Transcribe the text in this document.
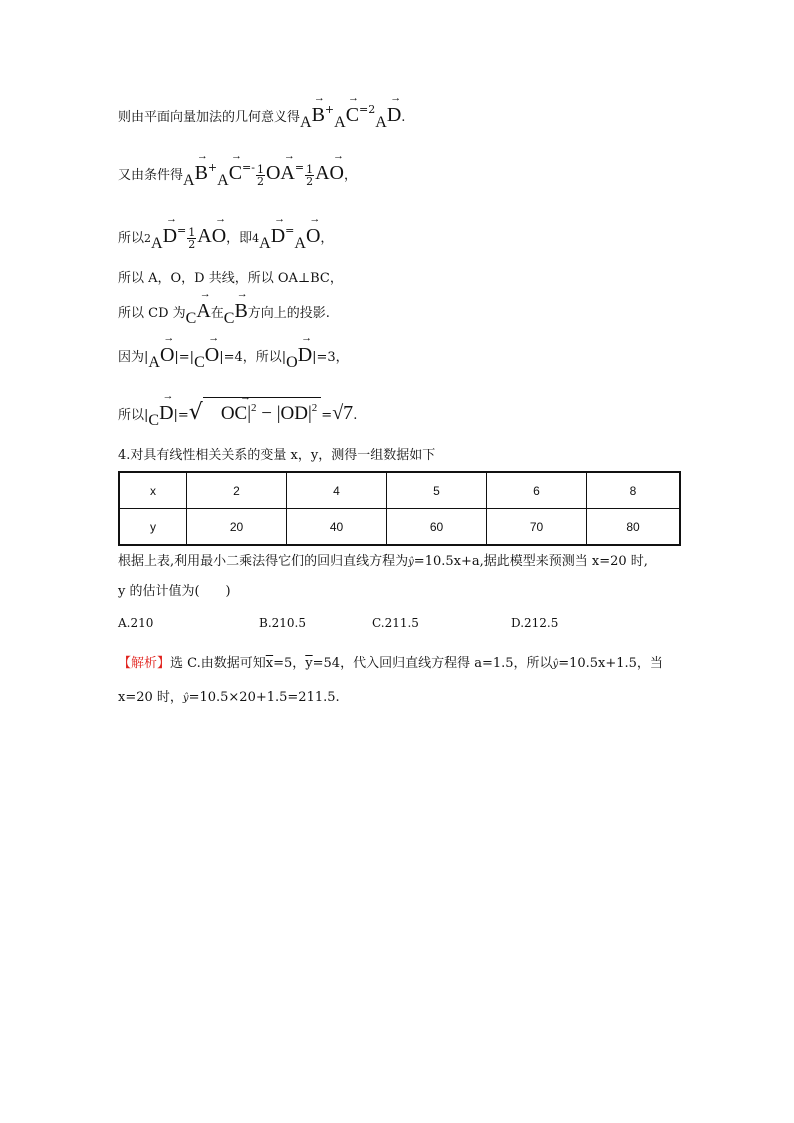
则由平面向量加法的几何意义得
→
$_A$B+
→
$_AC^{=2}$
→
$_A$D.
又由条件得
→
$_A$B+
→
$_AC^{=-} \frac{1}{2}$
→
$OA^= \frac{1}{2}$
→
AO，
所以2
→
$_AD^= \frac{1}{2}$
→
AO，即4
→
$_A$D=
→
$_A$O，
所以 A，O，D 共线，所以 OA⊥BC，
所以 CD 为
→
$_C$A在
→
$_C$B方向上的投影.
因为|
→
$_A$O|=|
→
$_C$O|=4，所以|
→
$_O$D|=3，
所以|
→
$_C$D|=√
→
$OC|^2 - |OD|^2 =√7$.
4.对具有线性相关关系的变量 x，y，测得一组数据如下
x	2	4	5	6	8
y	20	40	60	70	80
根据上表,利用最小二乘法得它们的回归直线方程为ŷ=10.5x+a,据此模型来预测当 x=20 时,
y 的估计值为(　　)
A.210	B.210.5	C.211.5	D.212.5
【解析】选 C.由数据可知$\overline{x}=5$，$\overline{y}=54$，代入回归直线方程得 a=1.5，所以ŷ=10.5x+1.5，当
x=20 时，ŷ=10.5×20+1.5=211.5.
